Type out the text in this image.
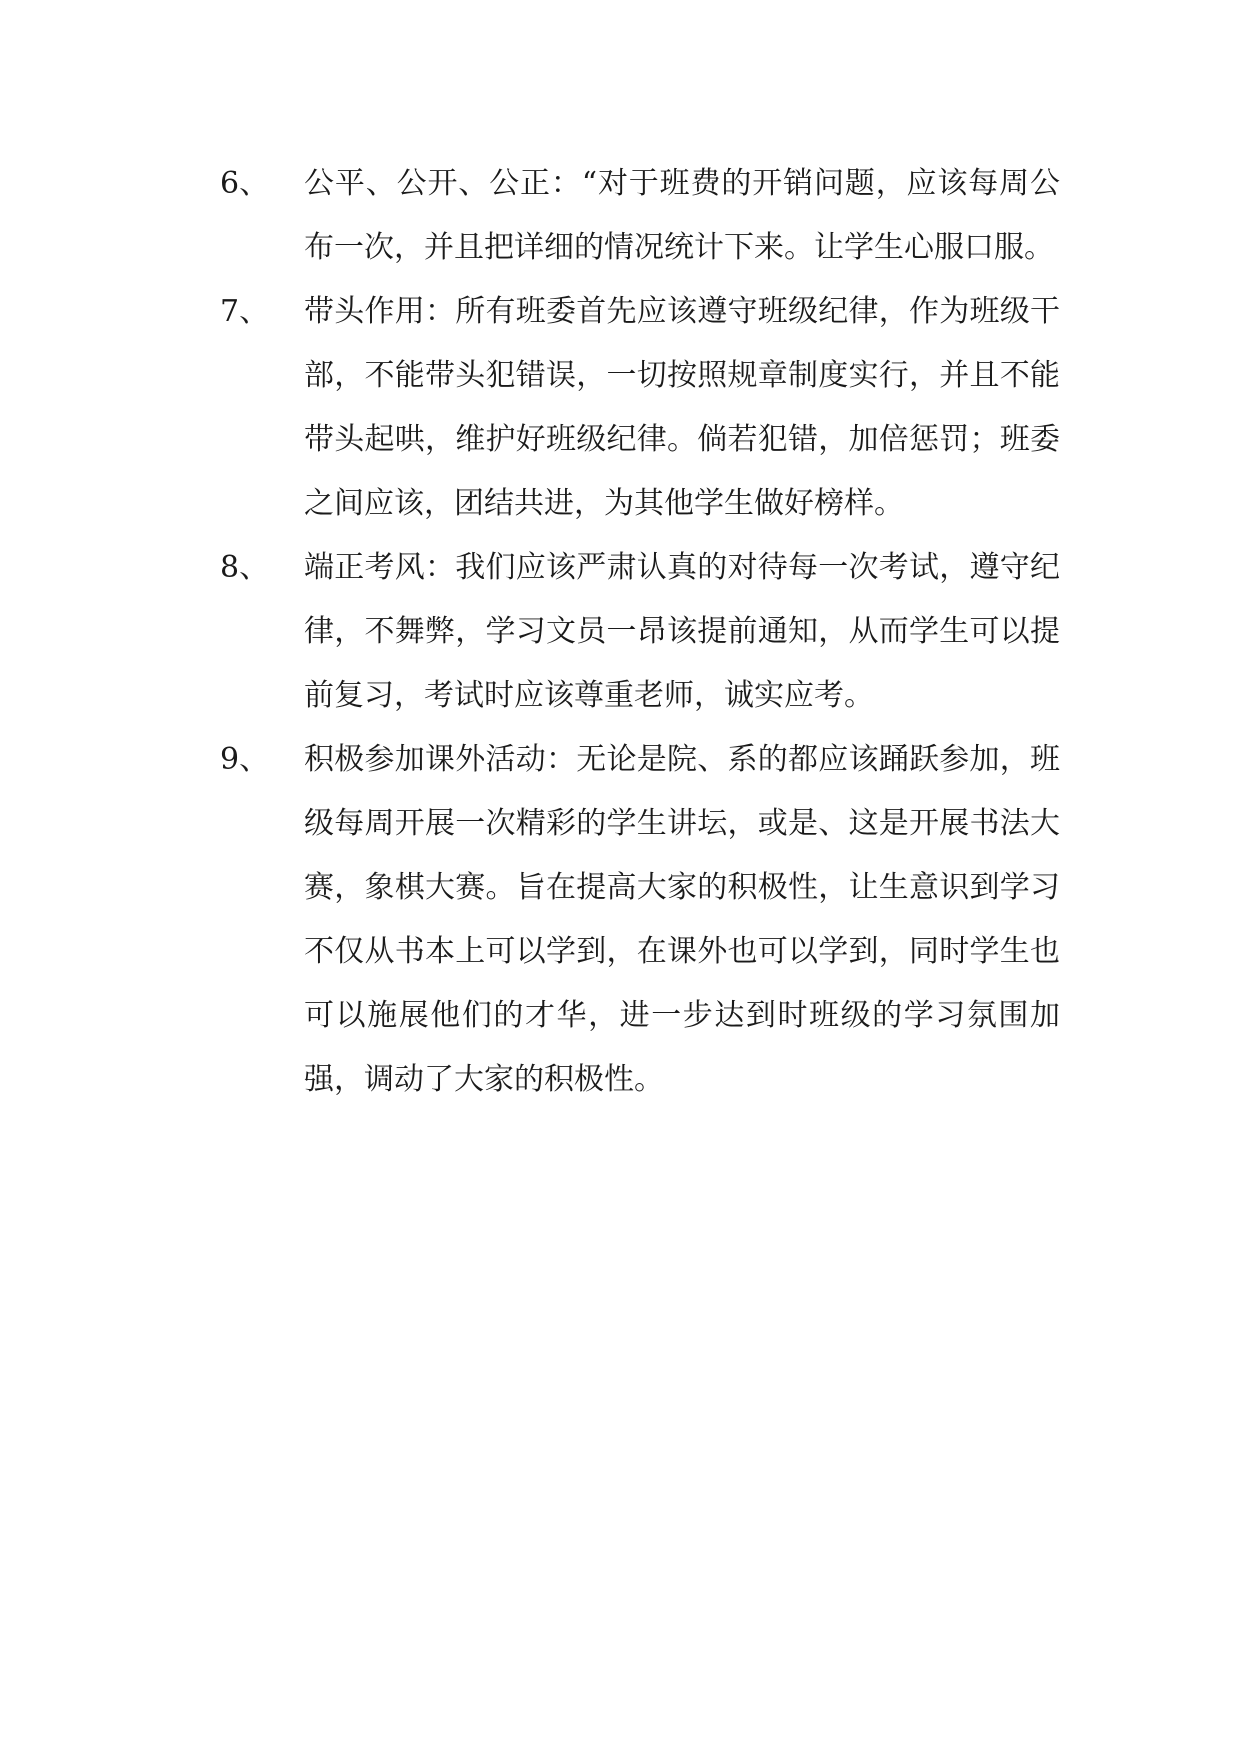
6、 公平、公开、公正：“对于班费的开销问题，应该每周公布一次，并且把详细的情况统计下来。让学生心服口服。
7、 带头作用：所有班委首先应该遵守班级纪律，作为班级干部，不能带头犯错误，一切按照规章制度实行，并且不能带头起哄，维护好班级纪律。倘若犯错，加倍惩罚；班委之间应该，团结共进，为其他学生做好榜样。
8、 端正考风：我们应该严肃认真的对待每一次考试，遵守纪律，不舞弊，学习文员一昂该提前通知，从而学生可以提前复习，考试时应该尊重老师，诚实应考。
9、 积极参加课外活动：无论是院、系的都应该踊跃参加，班级每周开展一次精彩的学生讲坛，或是、这是开展书法大赛，象棋大赛。旨在提高大家的积极性，让生意识到学习不仅从书本上可以学到，在课外也可以学到，同时学生也可以施展他们的才华，进一步达到时班级的学习氛围加强，调动了大家的积极性。
